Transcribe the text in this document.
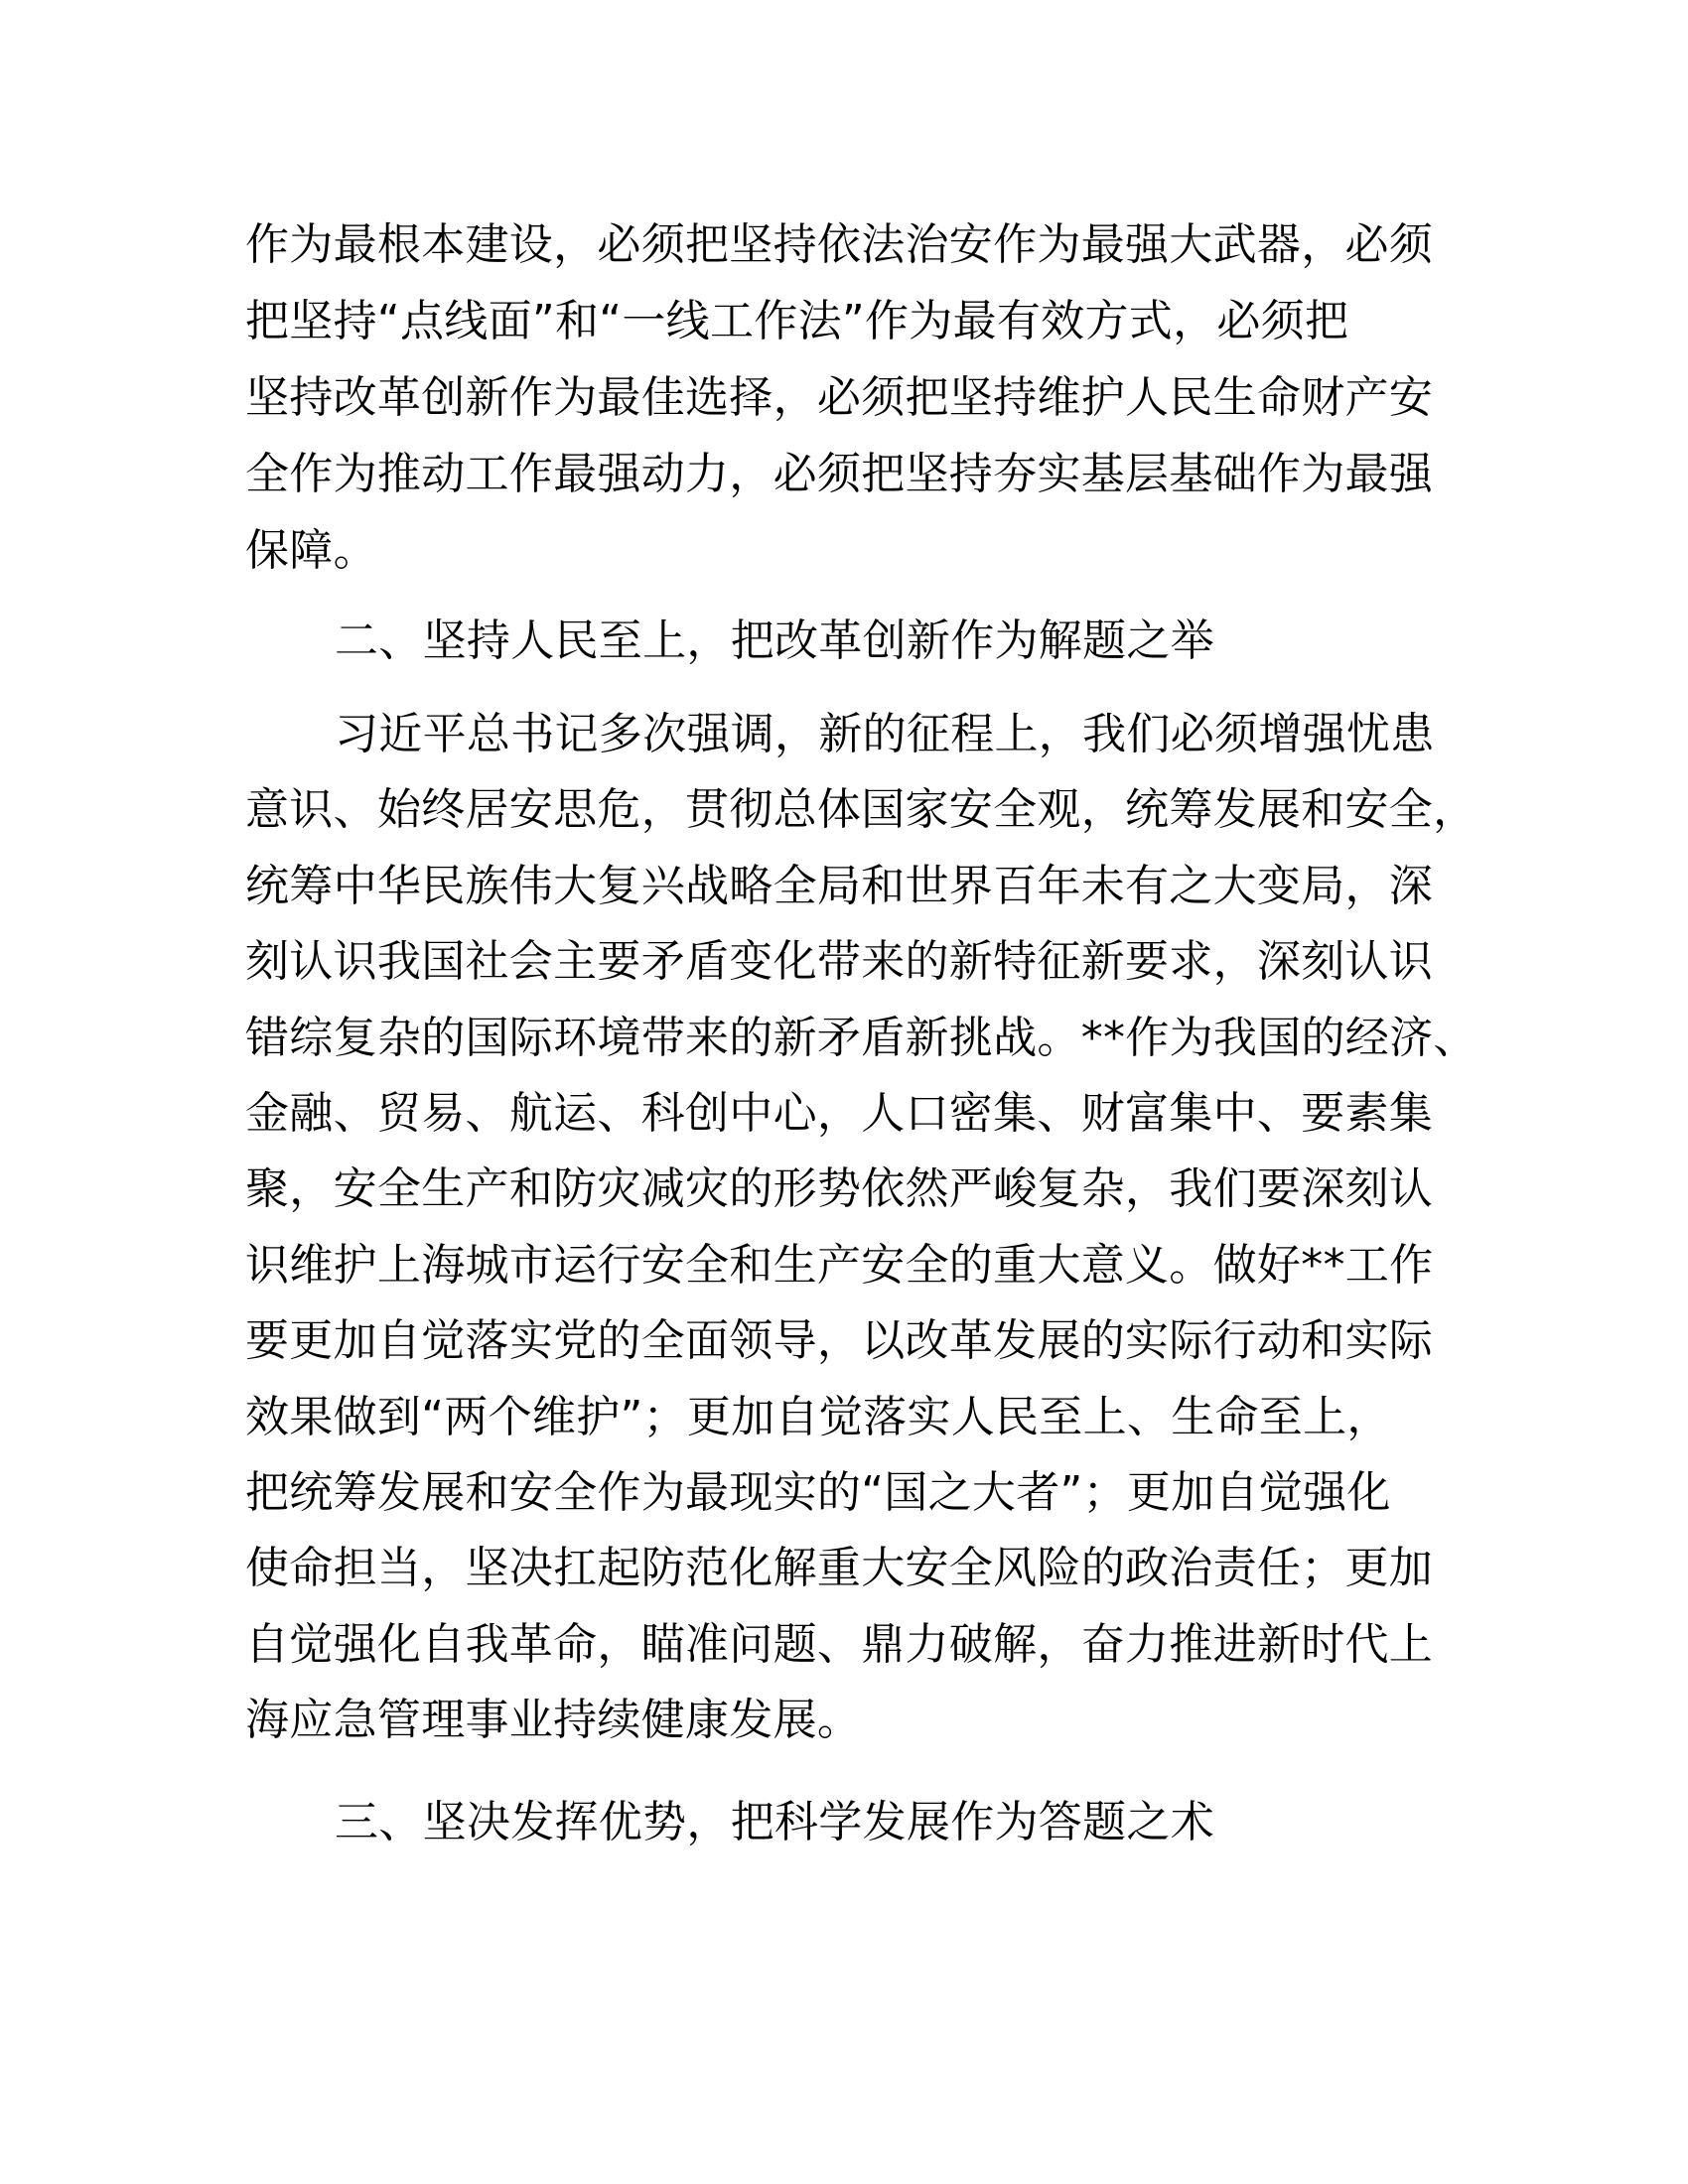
作为最根本建设，必须把坚持依法治安作为最强大武器，必须
把坚持“点线面”和“一线工作法”作为最有效方式，必须把
坚持改革创新作为最佳选择，必须把坚持维护人民生命财产安
全作为推动工作最强动力，必须把坚持夯实基层基础作为最强
保障。
二、坚持人民至上，把改革创新作为解题之举
习近平总书记多次强调，新的征程上，我们必须增强忧患
意识、始终居安思危，贯彻总体国家安全观，统筹发展和安全，
统筹中华民族伟大复兴战略全局和世界百年未有之大变局，深
刻认识我国社会主要矛盾变化带来的新特征新要求，深刻认识
错综复杂的国际环境带来的新矛盾新挑战。**作为我国的经济、
金融、贸易、航运、科创中心，人口密集、财富集中、要素集
聚，安全生产和防灾减灾的形势依然严峻复杂，我们要深刻认
识维护上海城市运行安全和生产安全的重大意义。做好**工作
要更加自觉落实党的全面领导，以改革发展的实际行动和实际
效果做到“两个维护”；更加自觉落实人民至上、生命至上，
把统筹发展和安全作为最现实的“国之大者”；更加自觉强化
使命担当，坚决扛起防范化解重大安全风险的政治责任；更加
自觉强化自我革命，瞄准问题、鼎力破解，奋力推进新时代上
海应急管理事业持续健康发展。
三、坚决发挥优势，把科学发展作为答题之术
